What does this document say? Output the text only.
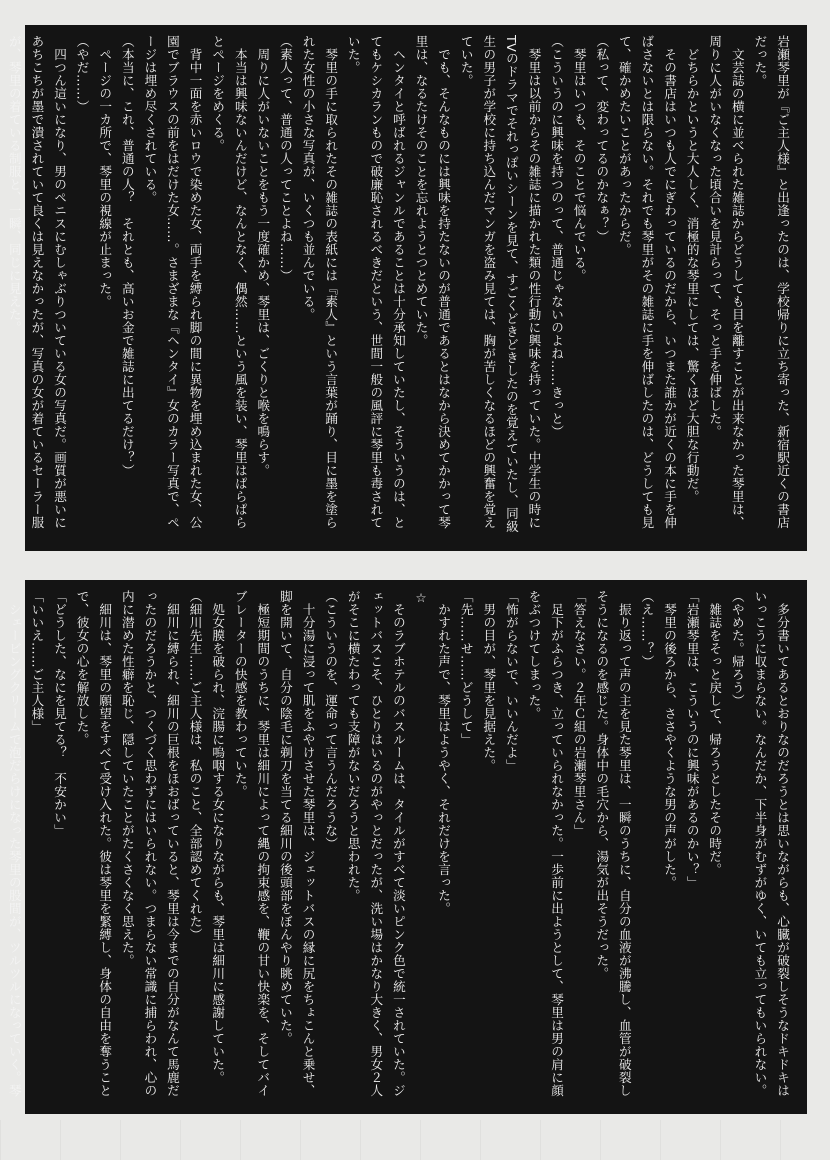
岩瀬琴里が『ご主人様』と出逢ったのは、学校帰りに立ち寄った、新宿駅近くの書店だった。
　文芸誌の横に並べられた雑誌からどうしても目を離すことが出来なかった琴里は、周りに人がいなくなった頃合いを見計らって、そっと手を伸ばした。
　どちらかというと大人しく、消極的な琴里にしては、驚くほど大胆な行動だ。
　その書店はいつも人でにぎわっているのだから、いつまた誰かが近くの本に手を伸ばさないとは限らない。それでも琴里がその雑誌に手を伸ばしたのは、どうしても見て、確かめたいことがあったからだ。
（私って、変わってるのかなぁ？）
　琴里はいつも、そのことで悩んでいる。
（こういうのに興味を持つのって、普通じゃないのよね……きっと）
　琴里は以前からその雑誌に描かれた類の性行動に興味を持っていた。中学生の時にTVのドラマでそれっぽいシーンを見て、すごくどきどきしたのを覚えていたし、同級生の男子が学校に持ち込んだマンガを盗み見ては、胸が苦しくなるほどの興奮を覚えていた。
　でも、そんなものには興味を持たないのが普通であるとはなから決めてかかって琴里は、なるたけそのことを忘れようとつとめていた。
　ヘンタイと呼ばれるジャンルであることは十分承知していたし、そういうのは、とてもケシカランもので破廉恥されるべきだという、世間一般の風評に琴里も毒されていた。
　琴里の手に取られたその雑誌の表紙には『素人』という言葉が踊り、目に墨を塗られた女性の小さな写真が、いくつも並んでいる。
（素人って、普通の人ってことよね……）
　周りに人がいないことをもう一度確かめ、琴里は、ごくりと喉を鳴らす。
　本当は興味ないんだけど、なんとなく、偶然……という風を装い、琴里はぱらぱらとページをめくる。
　背中一面を赤いロウで染めた女、両手を縛られ脚の間に異物を埋め込まれた女、公園でブラウスの前をはだけた女……。さまざまな『ヘンタイ』女のカラー写真で、ページは埋め尽くされている。
（本当に、これ、普通の人？　それとも、高いお金で雑誌に出てるだけ？）
　ページの一カ所で、琴里の視線が止まった。
（やだ……）
　四つん這いになり、男のペニスにむしゃぶりついている女の写真だ。画質が悪いにあちこちが墨で潰されていて良くは見えなかったが、写真の女が着ているセーラー服が、琴里の着ている制服と、一瞬、同じに見えた。

　多分書いてあるとおりなのだろうとは思いながらも、心臓が破裂しそうなドキドキはいっこうに収まらない。なんだか、下半身がむずがゆく、いても立ってもいられない。
（やめた。帰ろう）
　雑誌をそっと戻して、帰ろうとしたその時だ。
「岩瀬琴里は、こういうのに興味があるのかい？」
　琴里の後ろから、ささやくような男の声がした。
（え……？）
　振り返って声の主を見た琴里は、一瞬のうちに、自分の血液が沸騰し、血管が破裂しそうになるのを感じた。身体中の毛穴から、湯気が出そうだった。
「答えなさい。２年Ｃ組の岩瀬琴里さん」
　足下がふらつき、立っていられなかった。一歩前に出ようとして、琴里は男の肩に顔をぶつけてしまった。
「怖がらないで、いいんだよ」
　男の目が、琴里を見据えた。
「先……せ……どうして」
　かすれた声で、琴里はようやく、それだけを言った。
☆
　そのラブホテルのバスルームは、タイルがすべて淡いピンク色で統一されていた。ジェットバスこそ、ひとりはいるのがやっとだったが、洗い場はかなり大きく、男女２人がそこに横たわっても支障がないだろうと思われた。
（こういうのを、運命って言うんだろうな）
　十分湯に浸って肌をふやけさせた琴里は、ジェットバスの縁に尻をちょこんと乗せ、脚を開いて、自分の陰毛に剃刀を当てる細川の後頭部をぼんやり眺めていた。
　極短期間のうちに、琴里は細川によって縄の拘束感を、鞭の甘い快楽を、そしてバイブレーターの快感を教わっていた。
　処女膜を破られ、浣腸に嗚咽する女になりながらも、琴里は細川に感謝していた。
（細川先生……ご主人様は、私のこと、全部認めてくれた）
　細川に縛られ、細川の巨根をほおばっていると、琴里は今までの自分がなんて馬鹿だったのだろうかと、つくづく思わずにはいられない。つまらない常識に捕らわれ、心の内に潜めた性癖を恥じ、隠していたことがたくさくなく思えた。
　細川は、琴里の願望をすべて受け入れた。彼は琴里を緊縛し、身体の自由を奪うことで、彼女の心を解放した。
「どうした、なにを見てる？　不安かい」
「いいえ……ご主人様」
　シェービングクリームで泡だらけになった琴里の股間が、ツルツルになっていく。琴
